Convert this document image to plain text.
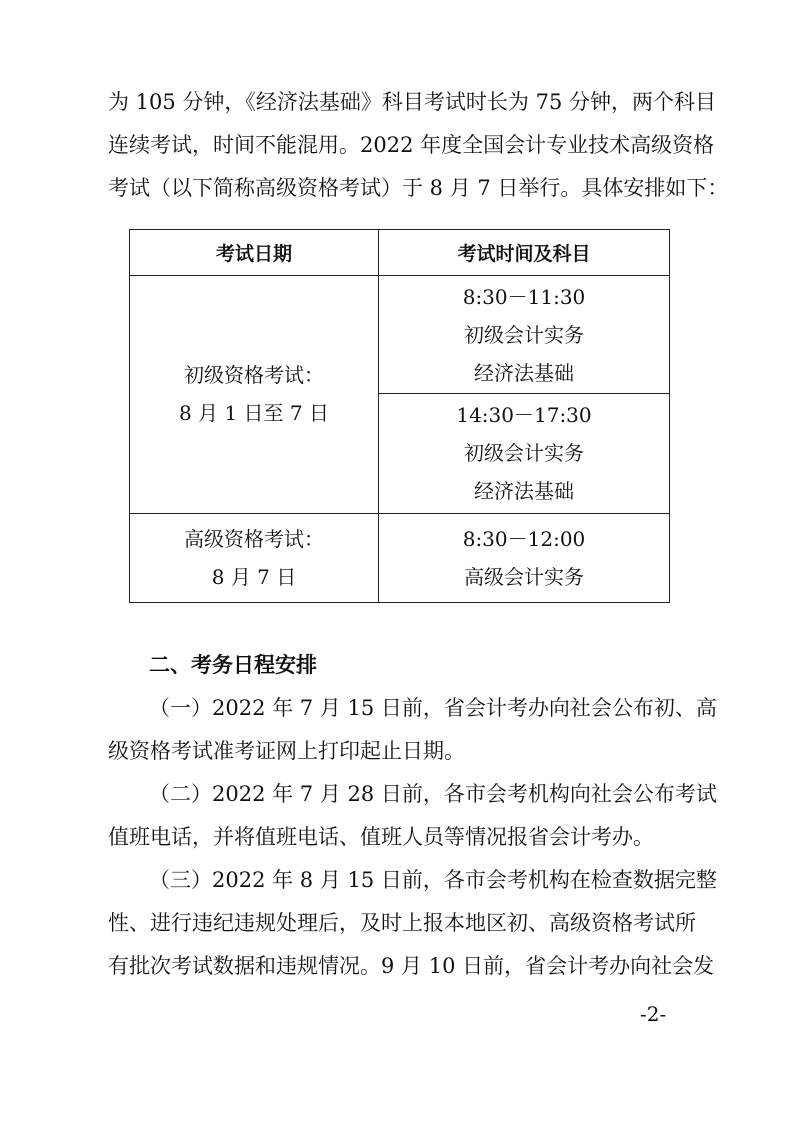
为 105 分钟，《经济法基础》科目考试时长为 75 分钟，两个科目
连续考试，时间不能混用。2022 年度全国会计专业技术高级资格
考试（以下简称高级资格考试）于 8 月 7 日举行。具体安排如下：
考试日期	考试时间及科目

初级资格考试：
8 月 1 日至 7 日	8:30－11:30
初级会计实务
经济法基础

	14:30－17:30
初级会计实务
经济法基础

高级资格考试：
8 月 7 日	8:30－12:00
高级会计实务
二、考务日程安排
（一）2022 年 7 月 15 日前，省会计考办向社会公布初、高
级资格考试准考证网上打印起止日期。
（二）2022 年 7 月 28 日前，各市会考机构向社会公布考试
值班电话，并将值班电话、值班人员等情况报省会计考办。
（三）2022 年 8 月 15 日前，各市会考机构在检查数据完整
性、进行违纪违规处理后，及时上报本地区初、高级资格考试所
有批次考试数据和违规情况。9 月 10 日前，省会计考办向社会发
-2-
